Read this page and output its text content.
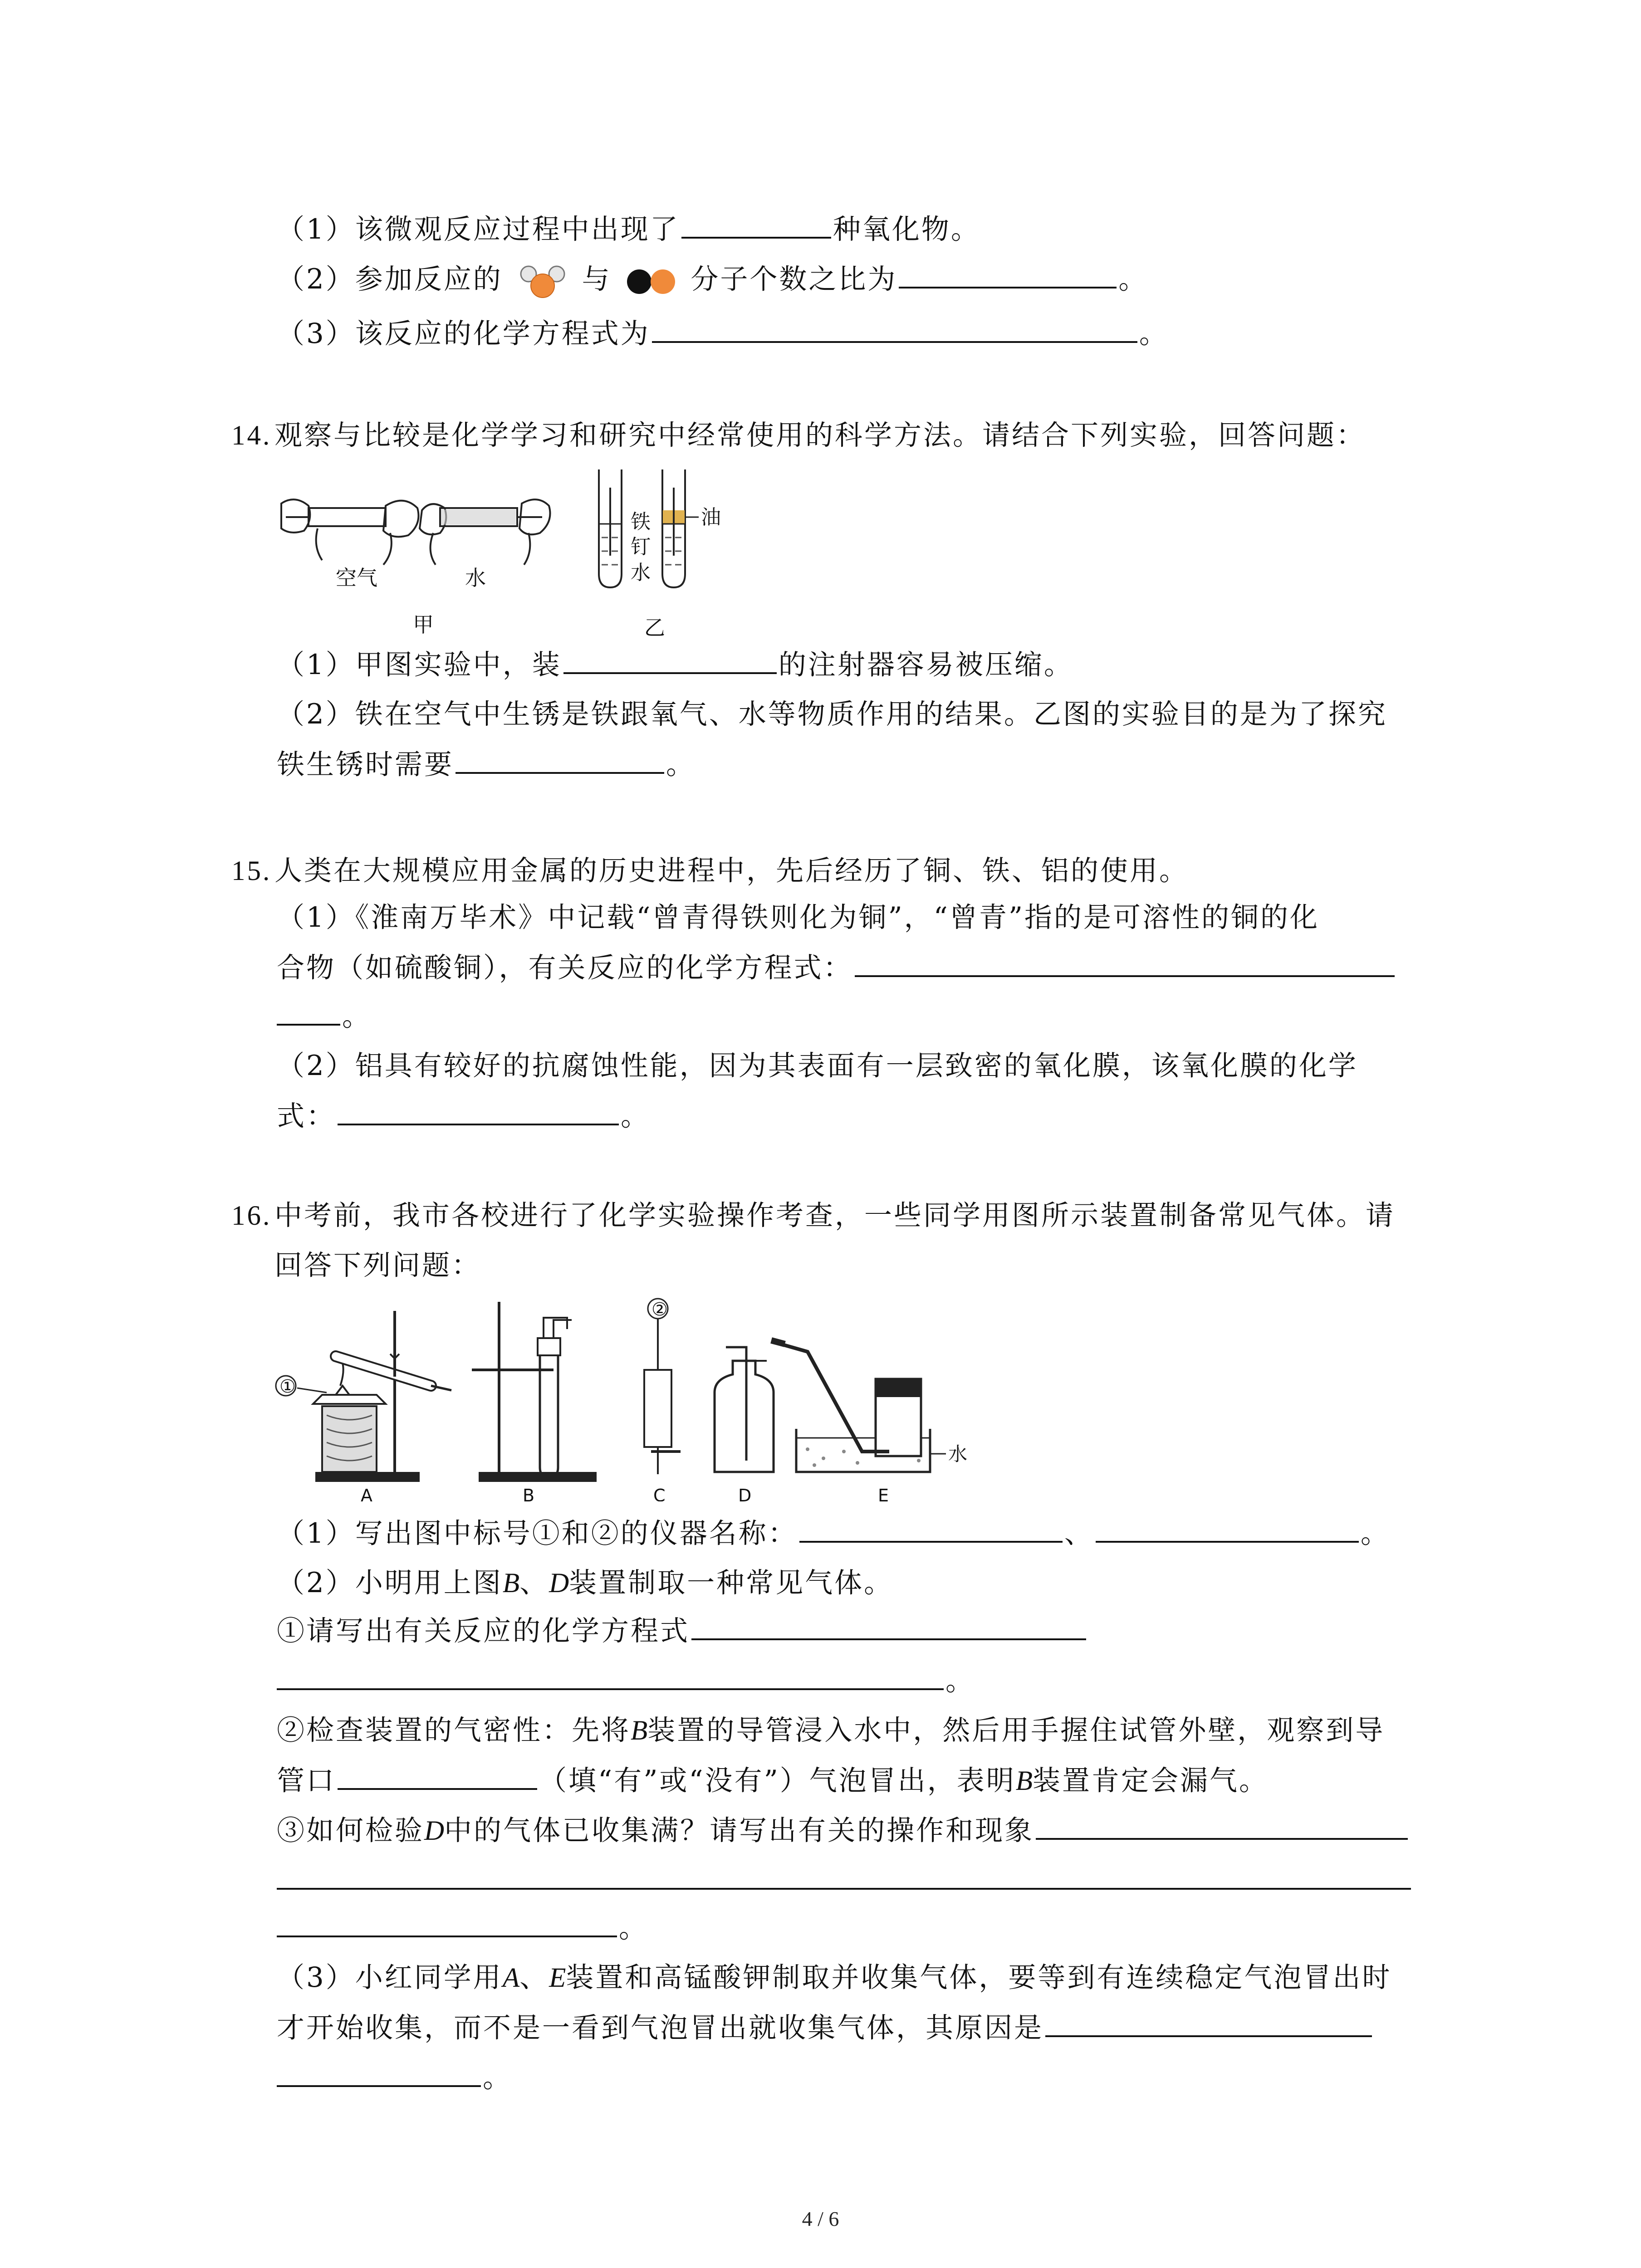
（1）该微观反应过程中出现了	种氧化物。
（2）参加反应的	与	分子个数之比为	。
（3）该反应的化学方程式为	。
14. 观察与比较是化学学习和研究中经常使用的科学方法。请结合下列实验，回答问题：
空气	水
甲
油
铁
钉
水
乙
（1）甲图实验中，装	的注射器容易被压缩。
（2）铁在空气中生锈是铁跟氧气、水等物质作用的结果。乙图的实验目的是为了探究
铁生锈时需要	。
15. 人类在大规模应用金属的历史进程中，先后经历了铜、铁、铝的使用。
（1）《淮南万毕术》中记载“曾青得铁则化为铜”，“曾青”指的是可溶性的铜的化
合物（如硫酸铜），有关反应的化学方程式：
。
（2）铝具有较好的抗腐蚀性能，因为其表面有一层致密的氧化膜，该氧化膜的化学
式：	。
16. 中考前，我市各校进行了化学实验操作考查，一些同学用图所示装置制备常见气体。请
回答下列问题：
①
②
水
A	B	C	D	E
（1）写出图中标号①和②的仪器名称：	、	。
（2）小明用上图B、D装置制取一种常见气体。
①请写出有关反应的化学方程式
。
②检查装置的气密性：先将B装置的导管浸入水中，然后用手握住试管外壁，观察到导
管口	（填“有”或“没有”）气泡冒出，表明B装置肯定会漏气。
③如何检验D中的气体已收集满？请写出有关的操作和现象
。
（3）小红同学用A、E装置和高锰酸钾制取并收集气体，要等到有连续稳定气泡冒出时
才开始收集，而不是一看到气泡冒出就收集气体，其原因是
。
4 / 6
